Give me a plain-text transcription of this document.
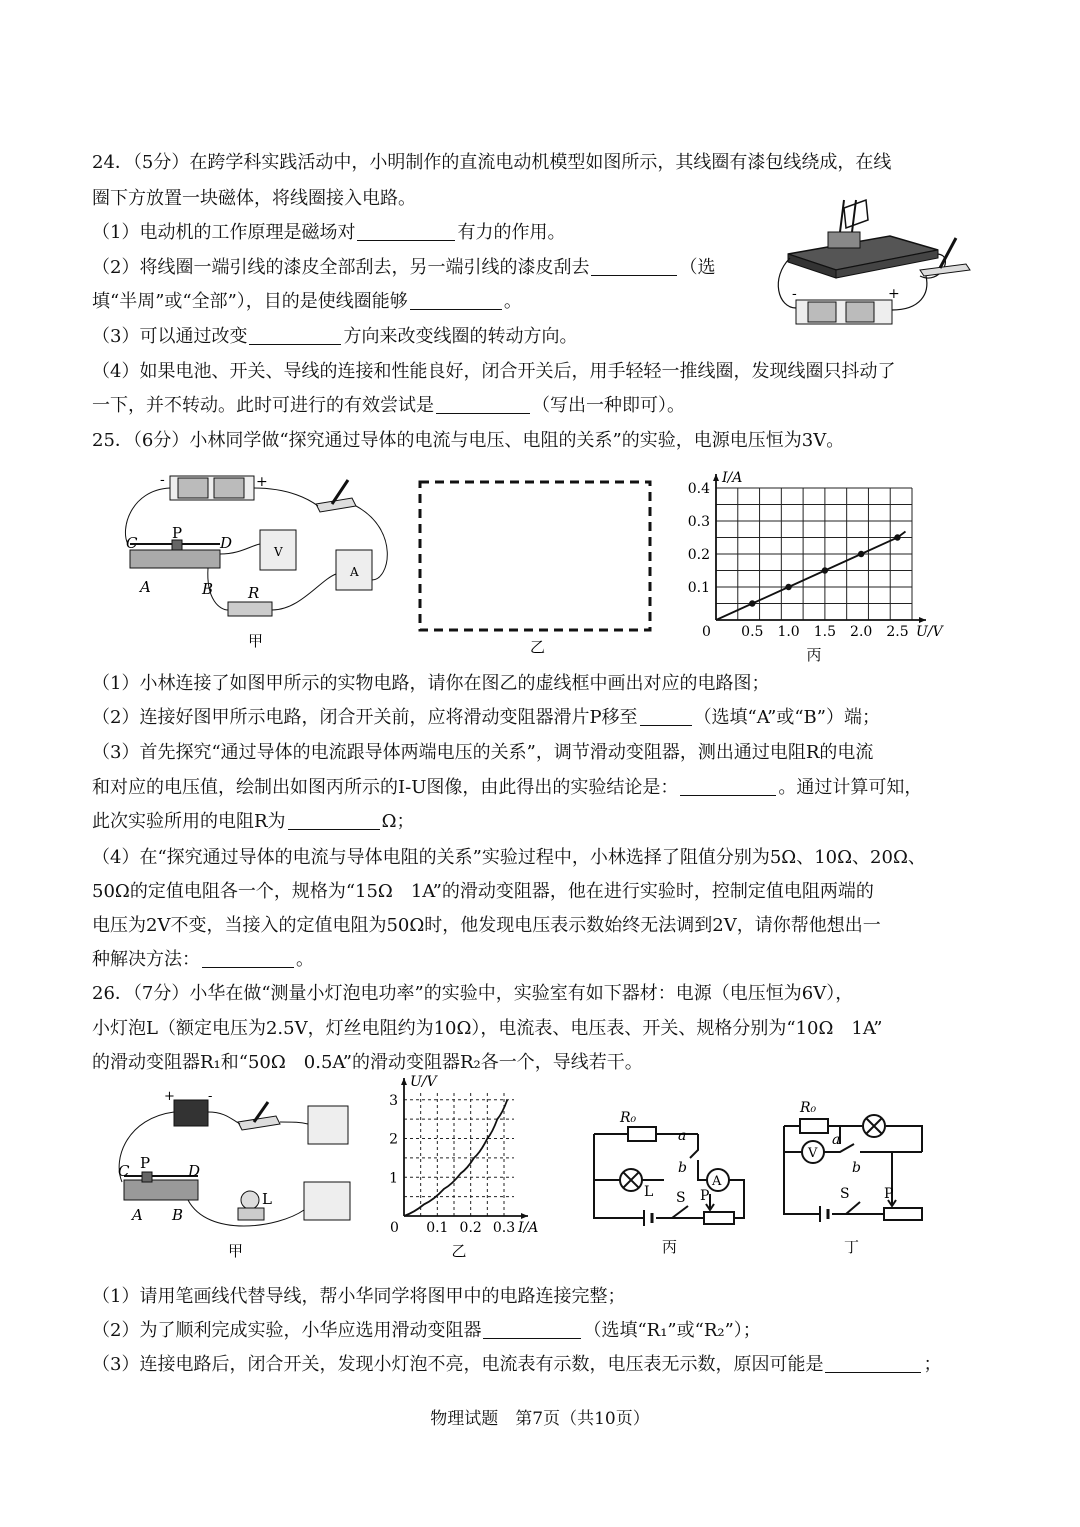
24．（5分）在跨学科实践活动中，小明制作的直流电动机模型如图所示，其线圈有漆包线绕成，在线
圈下方放置一块磁体，将线圈接入电路。
（1）电动机的工作原理是磁场对	有力的作用。
（2）将线圈一端引线的漆皮全部刮去，另一端引线的漆皮刮去	（选
填“半周”或“全部”），目的是使线圈能够	。
（3）可以通过改变	方向来改变线圈的转动方向。
（4）如果电池、开关、导线的连接和性能良好，闭合开关后，用手轻轻一推线圈，发现线圈只抖动了
一下，并不转动。此时可进行的有效尝试是	（写出一种即可）。
-	+
25．（6分）小林同学做“探究通过导体的电流与电压、电阻的关系”的实验，电源电压恒为3V。
-	+
C
P
D
A	B
V
A
R
甲	乙
U/V
I/A
0 0.5 1.0 1.5 2.0 2.5
0.1
0.2
0.3
0.4
丙
（1）小林连接了如图甲所示的实物电路，请你在图乙的虚线框中画出对应的电路图；
（2）连接好图甲所示电路，闭合开关前，应将滑动变阻器滑片P移至	（选填“A”或“B”）端；
（3）首先探究“通过导体的电流跟导体两端电压的关系”，调节滑动变阻器，测出通过电阻R的电流
和对应的电压值，绘制出如图丙所示的I-U图像，由此得出的实验结论是：	。通过计算可知，
此次实验所用的电阻R为	Ω；
（4）在“探究通过导体的电流与导体电阻的关系”实验过程中，小林选择了阻值分别为5Ω、10Ω、20Ω、
50Ω的定值电阻各一个，规格为“15Ω　1A”的滑动变阻器，他在进行实验时，控制定值电阻两端的
电压为2V不变，当接入的定值电阻为50Ω时，他发现电压表示数始终无法调到2V，请你帮他想出一
种解决方法：	。
26．（7分）小华在做“测量小灯泡电功率”的实验中，实验室有如下器材：电源（电压恒为6V），
小灯泡L（额定电压为2.5V，灯丝电阻约为10Ω），电流表、电压表、开关、规格分别为“10Ω　1A”
的滑动变阻器R₁和“50Ω　0.5A”的滑动变阻器R₂各一个，导线若干。
+	-
C P	D
A B
L
甲
I/A
U/V
0 0.1 0.2 0.3
1
2
3
乙
R₀
a
b
L
A
S P
丙
R₀
a
b
V
S P
丁
（1）请用笔画线代替导线，帮小华同学将图甲中的电路连接完整；
（2）为了顺利完成实验，小华应选用滑动变阻器	（选填“R₁”或“R₂”）；
（3）连接电路后，闭合开关，发现小灯泡不亮，电流表有示数，电压表无示数，原因可能是	；
物理试题　第7页（共10页）
